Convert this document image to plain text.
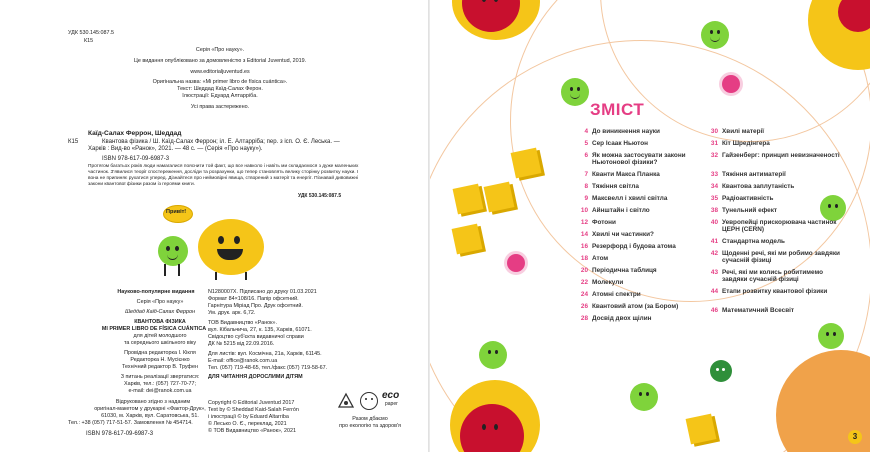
УДК 530.145:087.5
К15
Серія «Про науку».
Це видання опубліковано за домовленістю з Editorial Juventud, 2019.
www.editorialjuventud.es
Оригінальна назва: «Mi primer libro de física cuántica».
Текст: Шеддад Каїд-Салах Ферон.
Ілюстрації: Едуард Алтаррібa.
Усі права застережено.
Каїд-Салах Феррон, Шеддад
К15	Квантова фізика / Ш. Каїд-Салах Феррон; іл. Е. Алтаррібa; пер. з ісп. О. Є. Леська. —
Харків : Вид-во «Ранок», 2021. — 48 с. — (Серія «Про науку»).
ISBN 978-617-09-6987-3
Протягом багатьох років люди намагалися пояснити той факт, що все навколо і навіть ми складаємося з дуже маленьких частинок. З'явилися теорії спостереження, досліди та розрахунки, що тепер становлять велику сторінку розвитку науки. І вона не припиняє рухатися уперед. Дізнайтеся про неймовірні явища, створений з матерії та енергії. Пізнавай дивовижні закони квантової фізики разом із героями книги.
УДК 530.145:087.5
Привіт!
Науково-популярне видання
Серія «Про науку»
Шеддад Каїд-Салах Феррон
КВАНТОВА ФІЗИКА
MI PRIMER LIBRO DE FÍSICA CUÁNTICA
для дітей молодшого
та середнього шкільного віку
Провідна редакторка І. Кікля
Редакторка Н. Мусієнко
Технічний редактор В. Труфен
З питань реалізації звертатися:
Харків, тел.: (057) 727-70-77;
e-mail: dei@ranok.com.ua
Відруковано згідно з наданим
оригінал-макетом у друкарні «Фактор-Друк»,
61030, м. Харків, вул. Саратовська, 51.
Тел.: +38 (057) 717-51-57. Замовлення № 454714.
ISBN 978-617-09-6987-3
N1280007Х. Підписано до друку 01.03.2021
Формат 84×108/16. Папір офсетний.
Гарнітура Міріад Про. Друк офсетний.
Ум. друк. арк. 6,72.
ТОВ Видавництво «Ранок».
вул. Кібальчича, 27, к. 135, Харків, 61071.
Свідоцтво суб'єкта видавничої справи
ДК № 5215 від 22.09.2016.
Для листів: вул. Космічна, 21а, Харків, 61145.
E-mail: office@ranok.com.ua
Тел. (057) 719-48-65, тел./факс (057) 719-58-67.
ДЛЯ ЧИТАННЯ ДОРОСЛИМИ ДІТЯМ
Copyright © Editorial Juventud 2017
Text by © Sheddad Kaid-Salah Ferrón
і ілюстрації © by Eduard Altarriba
© Лесько О. Є., переклад, 2021
© ТОВ Видавництво «Ранок», 2021
eco
paper
Разом дбаємо
про екологію та здоров'я
ЗМІСТ
4 До виникнення науки
5 Сер Ісаак Ньютон
6 Як можна застосувати закони Ньютонової фізики?
7 Кванти Макса Планка
8 Тяжіння світла
9 Максвелл і хвилі світла
10 Айнштайн і світло
12 Фотони
14 Хвилі чи частинки?
16 Резерфорд і будова атома
18 Атом
20 Періодична таблиця
22 Молекули
24 Атомні спектри
26 Квантовий атом (за Бором)
28 Досвід двох щілин
30 Хвилі матерії
31 Кіт Шредінгера
32 Гайзенберг: принцип невизначеності
33 Тяжіння антиматерії
34 Квантова заплутаність
35 Радіоактивність
38 Тунельний ефект
40 Уевропейці прискорювача частинок ЦЕРН (CERN)
41 Стандартна модель
42 Щоденні речі, які ми робимо завдяки сучасній фізиці
43 Речі, які ми колись робитимемо завдяки сучасній фізиці
44 Етапи розвитку квантової фізики
46 Математичний Всесвіт
3
